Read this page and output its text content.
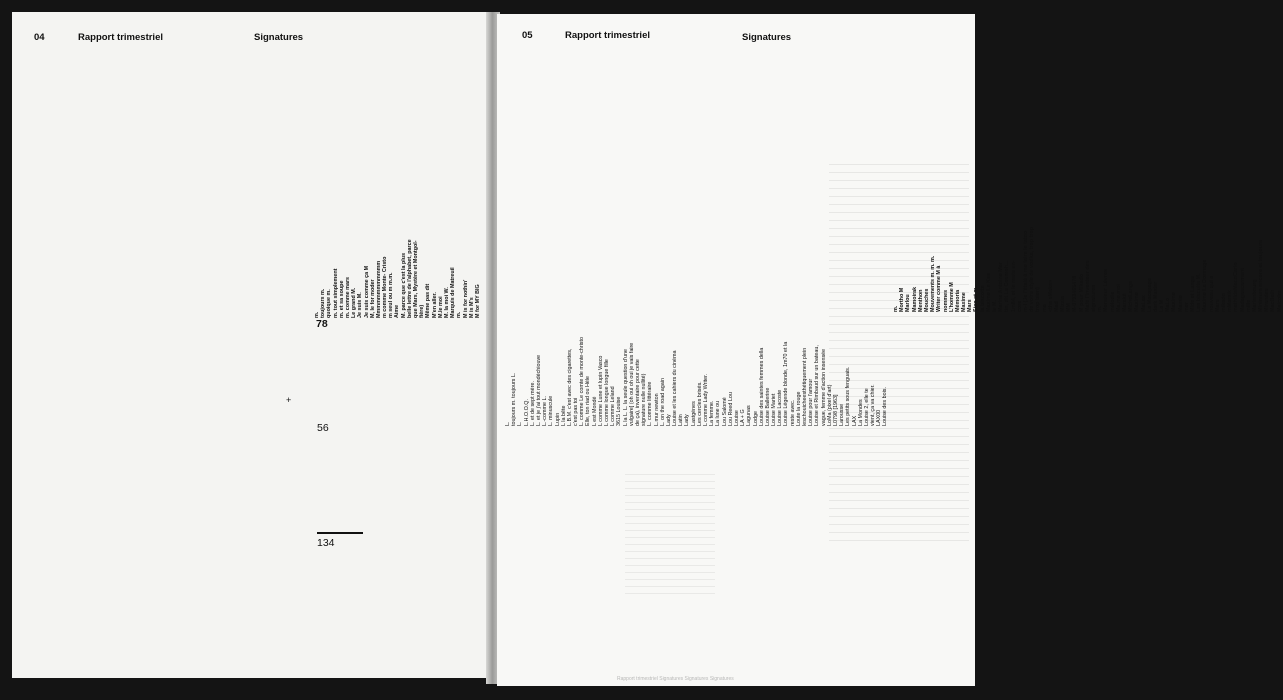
04	Rapport trimestriel	Signatures
m. toujours m. quoique m. m. tout simplement m. et sa soupe m. comme mars Le grand M. Je suis M. Je suis comme ça M M, le for moder Mmmmmmmmmmmm m comme Monte- Cristo m seul ou m m.m. Aime M. parce que c'est la plus belle lettre de l'alphabet, parce que Mars, Mystère et Montgol- fière) Même pas dit M'en aller. M.le moi M. la moi W. Marquis de Matreuil m. M is for nothin' M is M's M for MY BIG
78
+
56
134
05	Rapport trimestriel	Signatures
L. toujours m. toujours L. L. L.H.O.O.Q. L. et de sept mère. L. et je j'ai tout mondéchiouve L.-comme L. L. minuscule Lupin L la bête L.B.M. c'est avec des cigarettes, c'est pas toi L. comme Le comte de monte-christo Elle, ton riad ou Hèle L est Mondé L comme Lune et lupin Vasco L comme longue longue fille L comme Leland 3615 Louise L la L. L. la seule question d'une vulgaire] (oh oui oh oui je vais faire de ça), inventaire pour cette signature nulle nullité) L. comme littéraire L.mur newton L. on the road again Lady Louise et les cahiers du cinéma Latin Lady Lastgénes Les cercles brisés. L comme Lady Writer. La femme. La lune ou Lou Salomé Lou Reed Lou Louise LA + G Lagunas Lodge Louise des saintes femmes della Louise Ballerine Louise Mariet Louise Lacoste Louise Légende blonde, 1m70 et la reste avec. Loute la rouge leschouicheesthétiquement plein Louise pour l'amour Louise et Rimbaud sur un bateau, vague, femme d'action insensée LoMa (pixel d'art) L0798 [1963] Larousse Les petits sous fenguais. LAX La Mondes Louise 2, elle te vient, ça va chier. LAX00 Louise des bois.
m. Mortho M Marlou Mamoirak Menthon Mouches Mouvements m. m. m. Writer comme M à nommes L'homme M Mémoria Maxime Mars Sion et m. la biscotte Maxime Le Kss le M. Marine Antoine Mar tin, dit Le Cosmoh... 1m84, et le reste en- core m-I (Je l'étalé à me faire le tatoo de votre style de vodka, trop trop trop bien) ma «the sMake» Mad Mizzia MM M-0793465478 M pour Mikado Mafé l'inventeur des signatures m. Monsieur Lèvres mélodie Ma.me.moi Maraké MicheLange Maxime MaLax La Macapage dark Master La M MaLo Maxime Mamie mer Mide et Lange Les biscuits M. Maxime La Dormage nouveau qui a Mars mikado mMarsik mathildeMacoCarlo Madagascarment mille Marienbourg Minimum encore et toujours Mirandes MacBeth Malcolm
Rapport trimestriel Signatures Signatures Signatures
